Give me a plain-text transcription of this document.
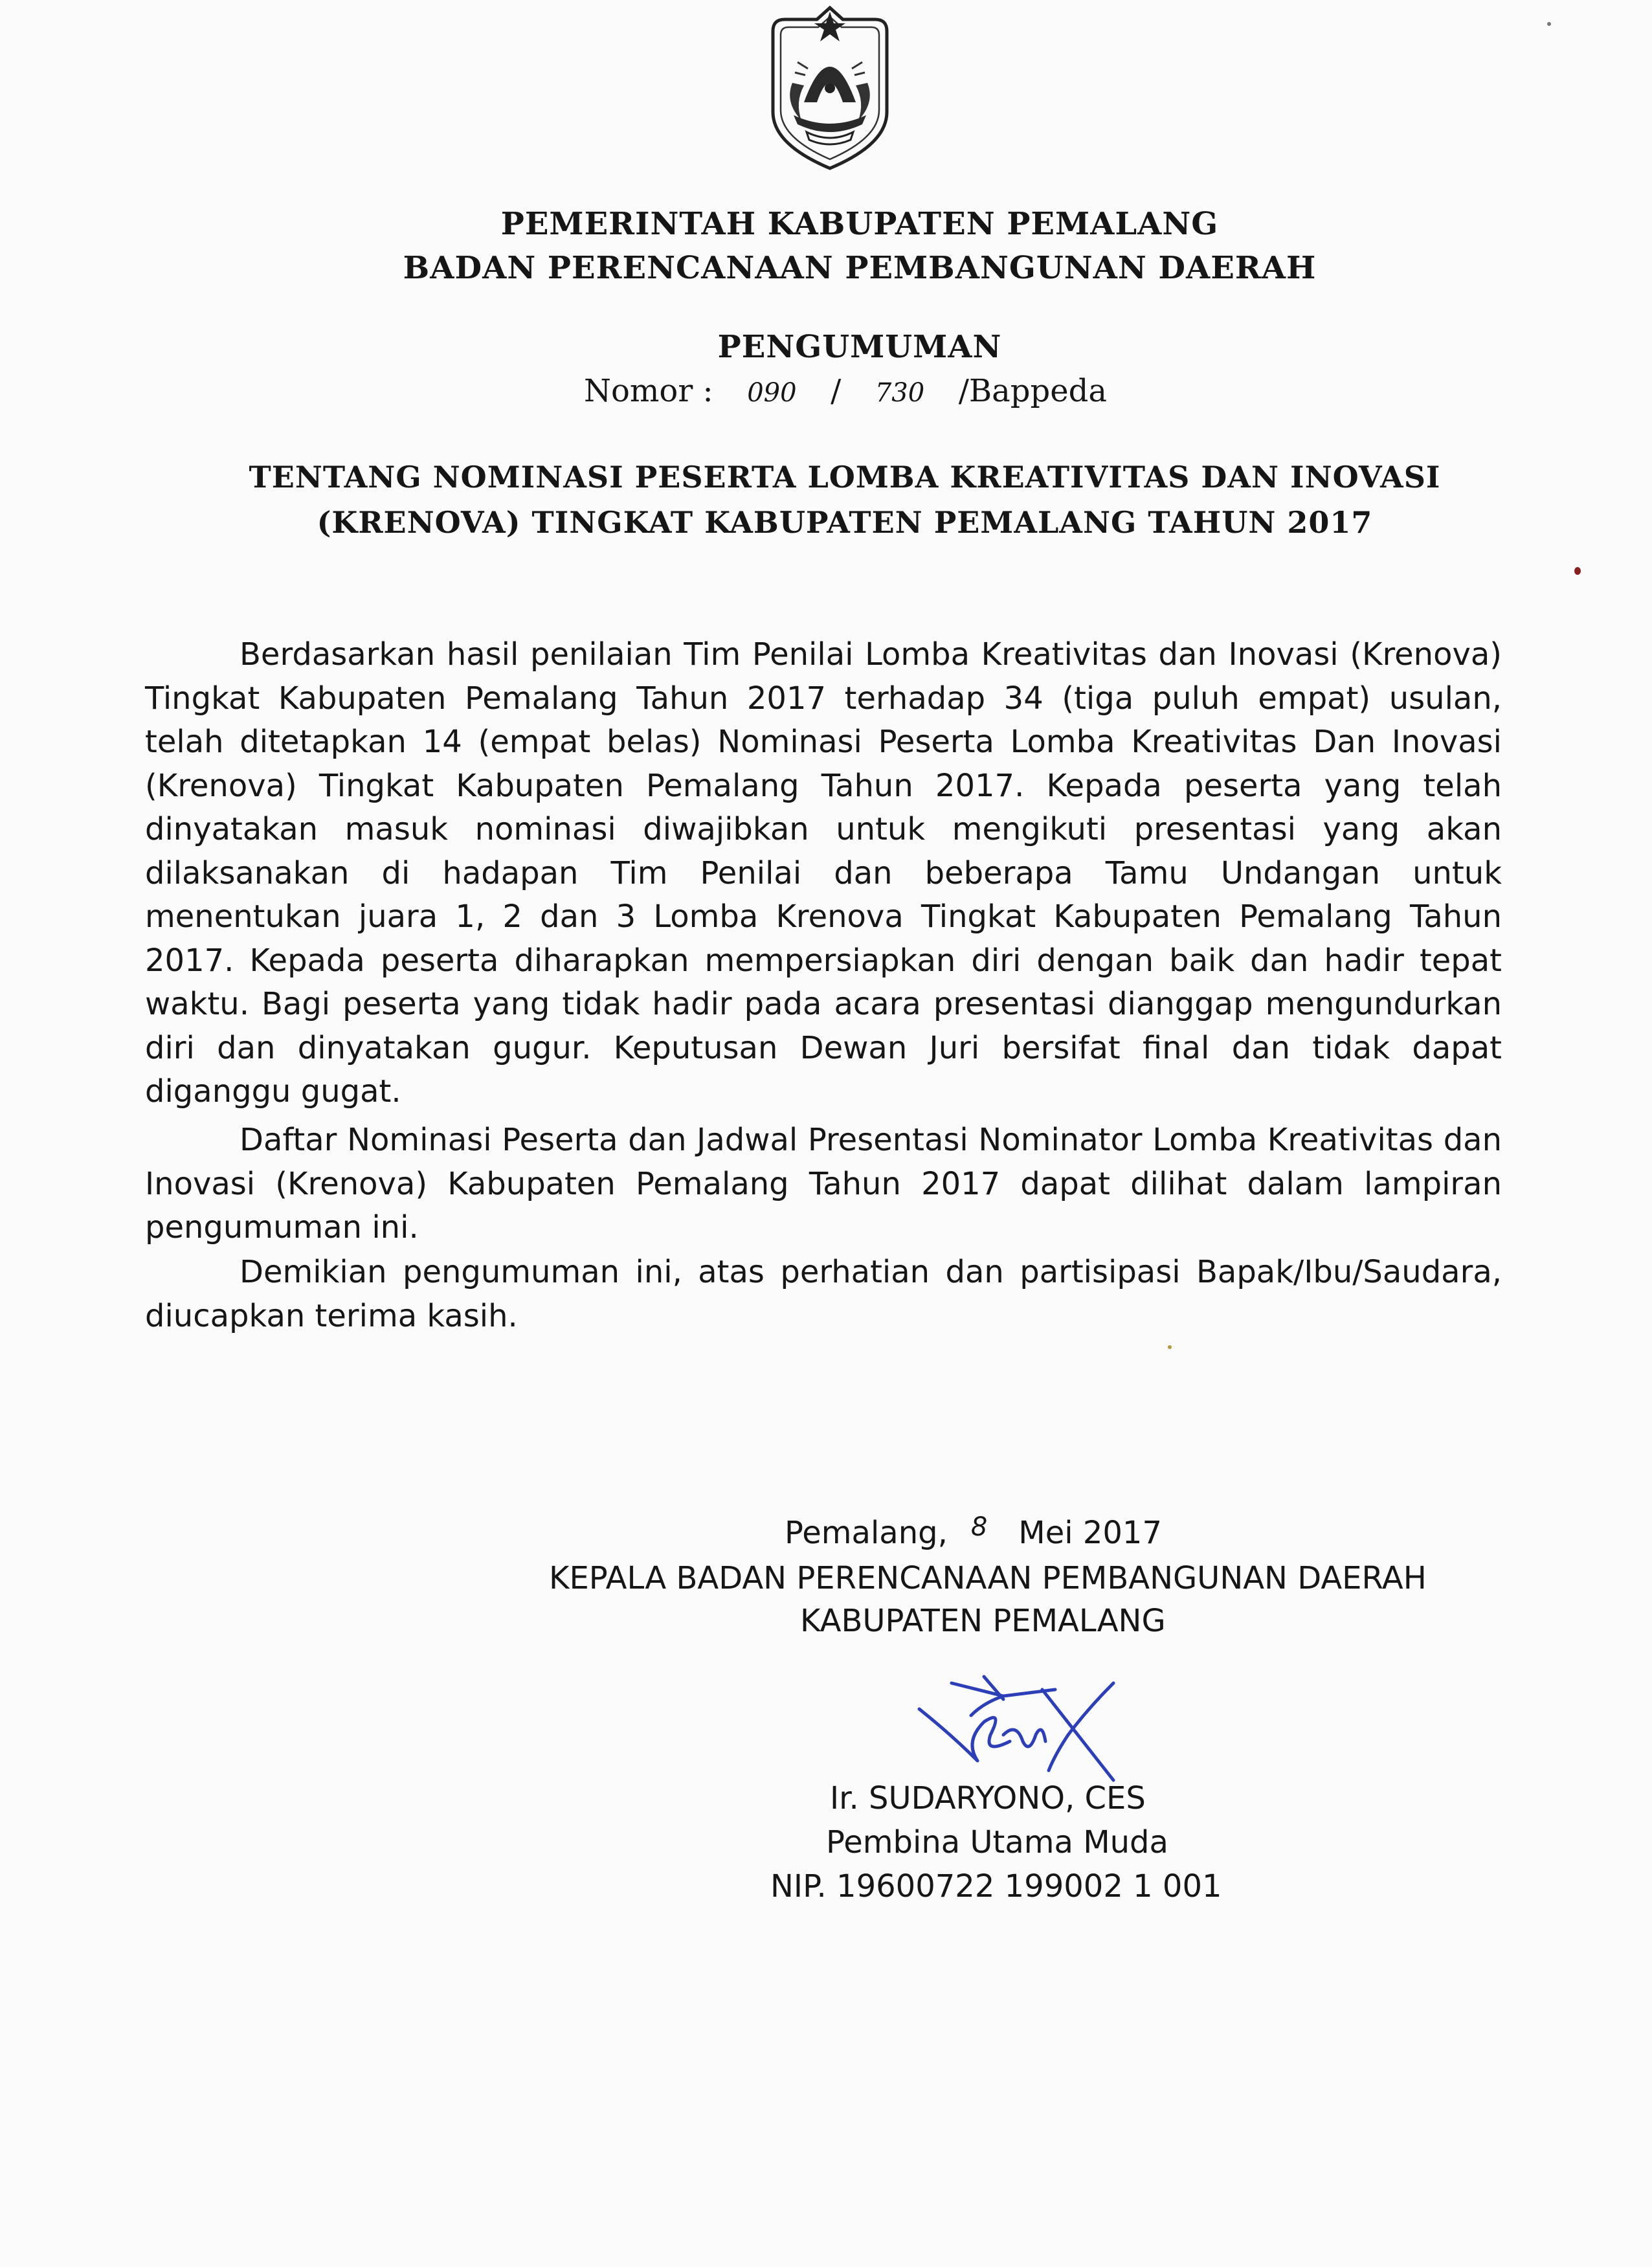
PEMERINTAH KABUPATEN PEMALANG
BADAN PERENCANAAN PEMBANGUNAN DAERAH
PENGUMUMAN
Nomor : 090 / 730 /Bappeda
TENTANG NOMINASI PESERTA LOMBA KREATIVITAS DAN INOVASI
(KRENOVA) TINGKAT KABUPATEN PEMALANG TAHUN 2017

Berdasarkan hasil penilaian Tim Penilai Lomba Kreativitas dan Inovasi (Krenova) Tingkat Kabupaten Pemalang Tahun 2017 terhadap 34 (tiga puluh empat) usulan, telah ditetapkan 14 (empat belas) Nominasi Peserta Lomba Kreativitas Dan Inovasi (Krenova) Tingkat Kabupaten Pemalang Tahun 2017. Kepada peserta yang telah dinyatakan masuk nominasi diwajibkan untuk mengikuti presentasi yang akan dilaksanakan di hadapan Tim Penilai dan beberapa Tamu Undangan untuk menentukan juara 1, 2 dan 3 Lomba Krenova Tingkat Kabupaten Pemalang Tahun 2017. Kepada peserta diharapkan mempersiapkan diri dengan baik dan hadir tepat waktu. Bagi peserta yang tidak hadir pada acara presentasi dianggap mengundurkan diri dan dinyatakan gugur. Keputusan Dewan Juri bersifat final dan tidak dapat diganggu gugat.

Daftar Nominasi Peserta dan Jadwal Presentasi Nominator Lomba Kreativitas dan Inovasi (Krenova) Kabupaten Pemalang Tahun 2017 dapat dilihat dalam lampiran pengumuman ini.

Demikian pengumuman ini, atas perhatian dan partisipasi Bapak/Ibu/Saudara, diucapkan terima kasih.

Pemalang, 8 Mei 2017
KEPALA BADAN PERENCANAAN PEMBANGUNAN DAERAH
KABUPATEN PEMALANG
Ir. SUDARYONO, CES
Pembina Utama Muda
NIP. 19600722 199002 1 001
